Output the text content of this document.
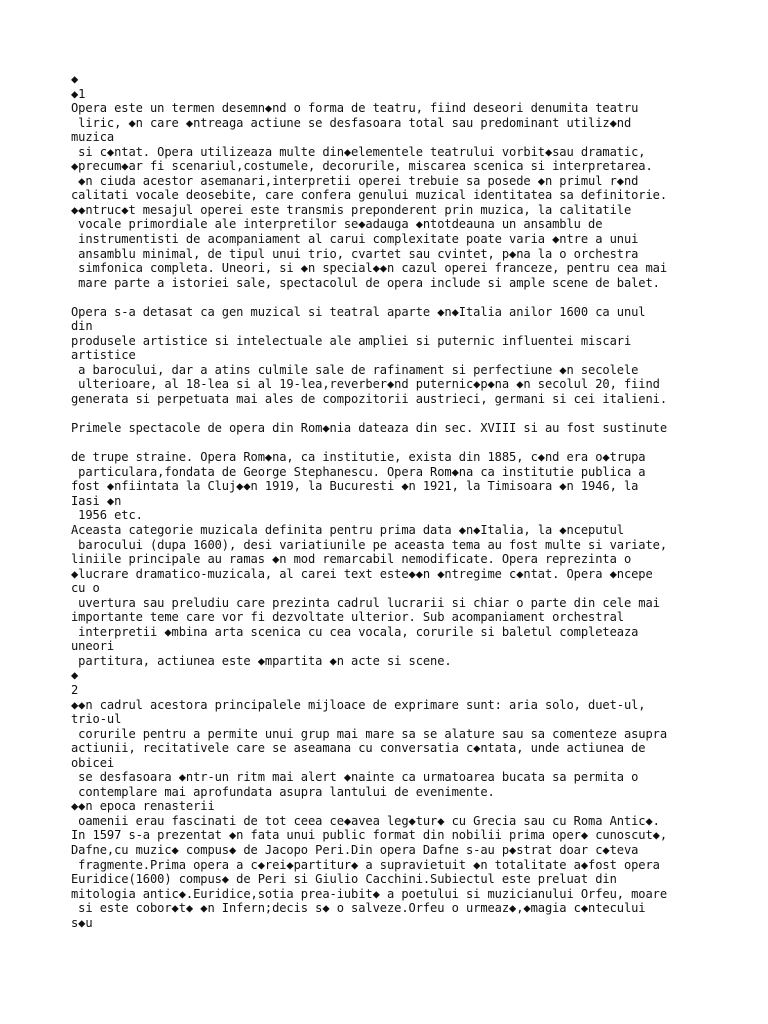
◆
◆1
Opera este un termen desemn◆nd o forma de teatru, fiind deseori denumita teatru
liric, ◆n care ◆ntreaga actiune se desfasoara total sau predominant utiliz◆nd
muzica
si c◆ntat. Opera utilizeaza multe din◆elementele teatrului vorbit◆sau dramatic,
◆precum◆ar fi scenariul,costumele, decorurile, miscarea scenica si interpretarea.
◆n ciuda acestor asemanari,interpretii operei trebuie sa posede ◆n primul r◆nd
calitati vocale deosebite, care confera genului muzical identitatea sa definitorie.
◆◆ntruc◆t mesajul operei este transmis preponderent prin muzica, la calitatile
vocale primordiale ale interpretilor se◆adauga ◆ntotdeauna un ansamblu de
instrumentisti de acompaniament al carui complexitate poate varia ◆ntre a unui
ansamblu minimal, de tipul unui trio, cvartet sau cvintet, p◆na la o orchestra
simfonica completa. Uneori, si ◆n special◆◆n cazul operei franceze, pentru cea mai
mare parte a istoriei sale, spectacolul de opera include si ample scene de balet.

Opera s-a detasat ca gen muzical si teatral aparte ◆n◆Italia anilor 1600 ca unul
din
produsele artistice si intelectuale ale ampliei si puternic influentei miscari
artistice
a barocului, dar a atins culmile sale de rafinament si perfectiune ◆n secolele
ulterioare, al 18-lea si al 19-lea,reverber◆nd puternic◆p◆na ◆n secolul 20, fiind
generata si perpetuata mai ales de compozitorii austrieci, germani si cei italieni.

Primele spectacole de opera din Rom◆nia dateaza din sec. XVIII si au fost sustinute

de trupe straine. Opera Rom◆na, ca institutie, exista din 1885, c◆nd era o◆trupa
particulara,fondata de George Stephanescu. Opera Rom◆na ca institutie publica a
fost ◆nfiintata la Cluj◆◆n 1919, la Bucuresti ◆n 1921, la Timisoara ◆n 1946, la
Iasi ◆n
1956 etc.
Aceasta categorie muzicala definita pentru prima data ◆n◆Italia, la ◆nceputul
barocului (dupa 1600), desi variatiunile pe aceasta tema au fost multe si variate,
liniile principale au ramas ◆n mod remarcabil nemodificate. Opera reprezinta o
◆lucrare dramatico-muzicala, al carei text este◆◆n ◆ntregime c◆ntat. Opera ◆ncepe
cu o
uvertura sau preludiu care prezinta cadrul lucrarii si chiar o parte din cele mai
importante teme care vor fi dezvoltate ulterior. Sub acompaniament orchestral
interpretii ◆mbina arta scenica cu cea vocala, corurile si baletul completeaza
uneori
partitura, actiunea este ◆mpartita ◆n acte si scene.
◆
2
◆◆n cadrul acestora principalele mijloace de exprimare sunt: aria solo, duet-ul,
trio-ul
corurile pentru a permite unui grup mai mare sa se alature sau sa comenteze asupra
actiunii, recitativele care se aseamana cu conversatia c◆ntata, unde actiunea de
obicei
se desfasoara ◆ntr-un ritm mai alert ◆nainte ca urmatoarea bucata sa permita o
contemplare mai aprofundata asupra lantului de evenimente.
◆◆n epoca renasterii
oamenii erau fascinati de tot ceea ce◆avea leg◆tur◆ cu Grecia sau cu Roma Antic◆.
In 1597 s-a prezentat ◆n fata unui public format din nobilii prima oper◆ cunoscut◆,
Dafne,cu muzic◆ compus◆ de Jacopo Peri.Din opera Dafne s-au p◆strat doar c◆teva
fragmente.Prima opera a c◆rei◆partitur◆ a supravietuit ◆n totalitate a◆fost opera
Euridice(1600) compus◆ de Peri si Giulio Cacchini.Subiectul este preluat din
mitologia antic◆.Euridice,sotia prea-iubit◆ a poetului si muzicianului Orfeu, moare
si este cobor◆t◆ ◆n Infern;decis s◆ o salveze.Orfeu o urmeaz◆,◆magia c◆ntecului
s◆u
